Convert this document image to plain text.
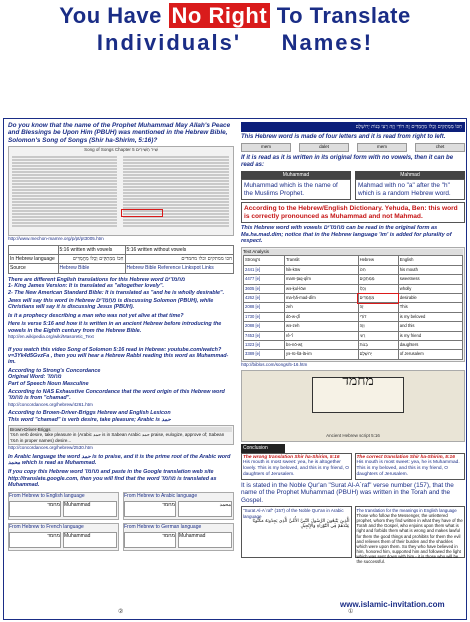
You Have No Right To Translate
Individuals'     Names!
Do you know that the name of the Prophet Muhammad May Allah's Peace and Blessings be Upon Him (PBUH) was mentioned in the Hebrew Bible, Solomon's Song of Songs (Shir ha-Shirim, 5:16)?
Song of Songs Chapter 5 שִׁיר הַשִּׁירִים
http://www.mechon-mamre.org/p/pt/pt3005.htm
	5:16 written with vowels	5:16 written without vowels
In Hebrew language	חִכּוֹ מַמְתַקִּים וְכֻלּוֹ מַחֲמַדִּים	חכו ממתקים וכלו מחמדים
Source	Hebrew Bible	Hebrew Bible Reference Linkspot Links
There are different English translations for this Hebrew word מחמדים
1- King James Version: It is translated as "altogether lovely".
2- The New American Standard Bible: It is translated as "and he is wholly desirable".
Jews will say this word in Hebrew מַחֲמַדִּים is discussing Solomon (PBUH), while Christians will say it is discussing Jesus (PBUH).
Is it a prophecy describing a man who was not yet alive at that time?
Here is verse 5:16 and how it is written in an ancient Hebrew before introducing the vowels in the Eighth century from the Hebrew Bible.
http://en.wikipedia.org/wiki/Masoretic_Text
If you watch this video Song of Solomon 5:16 read in Hebrew: youtube.com/watch?v=3Yk4d5GvzFa , then you will hear a Hebrew Rabbi reading this word as Muhammad-im.
According to Strong's Concordance
Original Word: מחמד
Part of Speech Noun Masculine
According to NAS Exhaustive Concordance that the word origin of this Hebrew word מחמד is from "chamad".
http://concordances.org/hebrew/4261.htm
According to Brown-Driver-Briggs Hebrew and English Lexicon
This word "chamad" is verb desire, take pleasure; Arabic is حمد
Brown-Driver-Briggs
חמד verb desire, take pleasure in (Arabic حمد is in Sabean Arabic حمد praise, eulogize, approve of; Sabean חמד in proper names) desire...
http://concordances.org/hebrew/2530.htm
In Arabic language the word حمد is to praise, and it is the prime root of the Arabic word محمد which is read as Muhammad.
If you copy this Hebrew word מחמד and paste in the Google translation web site http://translate.google.com, then you will find that the word מחמד is translated as Muhammad.
From Hebrew to English language
מחמד Muhammad
From Hebrew to Arabic language
מחמד	محمد
From Hebrew to French language
מחמד Muhammad
From Hebrew to German language
מחמד Muhammad
חִכּוֹ מַמְתַקִּים וְכֻלּוֹ מַחֲמַדִּים זֶה דוֹדִי וְזֶה רֵעִי בְּנוֹת יְרוּשָׁלָם
This Hebrew word is made of four letters and it is read from right to left.
mem	dalet	mem	chet
If it is read as it is written in its original form with no vowels, then it can be read as:
Muhammad
Muhammad which is the name of the Muslims Prophet.
Mahmad
Mahmad with no "a" after the "h" which is a random Hebrew word.
According to the Hebrew/English Dictionary. Yehuda, Ben: this word is correctly pronounced as Muhammad and not Mahmad.
This Hebrew word with vowels מחמדים can be read in the original form as Ma.ha.mad.dim; notice that in the Hebrew language 'im' is added for plurality of respect.
Text Analysis
Strong's	Translit	Hebrew	English
2441 [e]	hik-kōw	חִכּוֹ	his mouth
4477 [e]	mam-ṯaq-qîm	מַמְתַקִּים	sweetness
3605 [e]	wə-ḵul-lōw	וְכֻלּוֹ	wholly
4262 [e]	ma-ḥă-mad-dîm	מַחֲמַדִּים	desirable
2088 [e]	zeh	זֶה	This
1730 [e]	dō-w-ḏî	דוֹדִי	is my beloved
2088 [e]	wə-zeh	וְזֶה	and this
7453 [e]	rê-'î	רֵעִי	is my friend
1323 [e]	bə-nō-wṯ	בְּנוֹת	daughters
3389 [e]	yə-rū-šā-lā-im	יְרוּשָׁלָם	of Jerusalem
http://biblos.com/songs/5-16.htm
מחמד
Ancient Hebrew script 5:16
Conclusion
The wrong translation Shir ha-Shirim, 5:16
His mouth is most sweet: yea, he is altogether lovely. This is my beloved, and this is my friend, O daughters of Jerusalem.
The correct translation Shir ha-Shirim, 5:16
His mouth is most sweet: yea, he is Muhammad. This is my beloved, and this is my friend, O daughters of Jerusalem.
It is stated in the Noble Qur'an "Surat Al-A`raf" verse number (157), that the name of the Prophet Muhammad (PBUH) was written in the Torah and the Gospel.
"Surat Al-A`raf" (157) of the Noble Qur'an in Arabic language
الَّذِينَ يَتَّبِعُونَ الرَّسُولَ النَّبِيَّ الأُمِّيَّ الَّذِي يَجِدُونَهُ مَكْتُوبًا عِنْدَهُمْ فِي التَّوْرَاةِ وَالإِنْجِيلِ
The translation for the meanings in English language
Those who follow the Messenger, the unlettered prophet, whom they find written in what they have of the Torah and the Gospel, who enjoins upon them what is right and forbids them what is wrong and makes lawful for them the good things and prohibits for them the evil and relieves them of their burden and the shackles which were upon them. So they who have believed in him, honored him, supported him and followed the light which was sent down with him - it is those who will be the successful.
www.islamic-invitation.com
②	①
